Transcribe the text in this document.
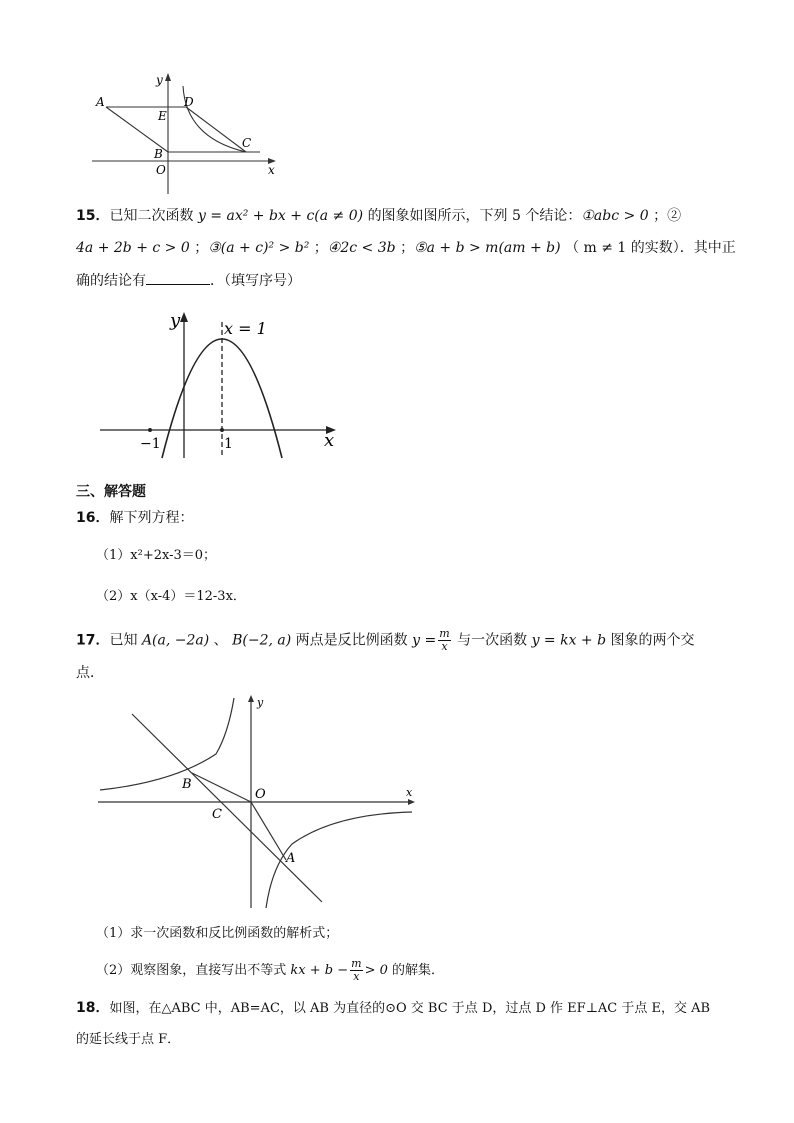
A	D
E
C
B
O	x
y
15．已知二次函数 y = ax² + bx + c(a ≠ 0) 的图象如图所示，下列 5 个结论：①abc > 0 ；②
4a + 2b + c > 0 ；③(a + c)² > b² ；④2c < 3b ；⑤a + b > m(am + b) （ m ≠ 1 的实数）．其中正
确的结论有	．（填写序号）
y
x
x = 1
−1	1
三、解答题
16．解下列方程：
（1）x²+2x-3＝0；
（2）x（x-4）＝12-3x．
17．已知 A(a, −2a) 、 B(−2, a) 两点是反比例函数 $y = \frac{m}{x}$ 与一次函数 y = kx + b 图象的两个交
点．
y
x
O
B
C
A
（1）求一次函数和反比例函数的解析式；
（2）观察图象，直接写出不等式 kx + $b - \frac{m}{x} > 0$ 的解集．
18．如图，在△ABC 中，AB=AC，以 AB 为直径的⊙O 交 BC 于点 D，过点 D 作 EF⊥AC 于点 E，交 AB
的延长线于点 F．
